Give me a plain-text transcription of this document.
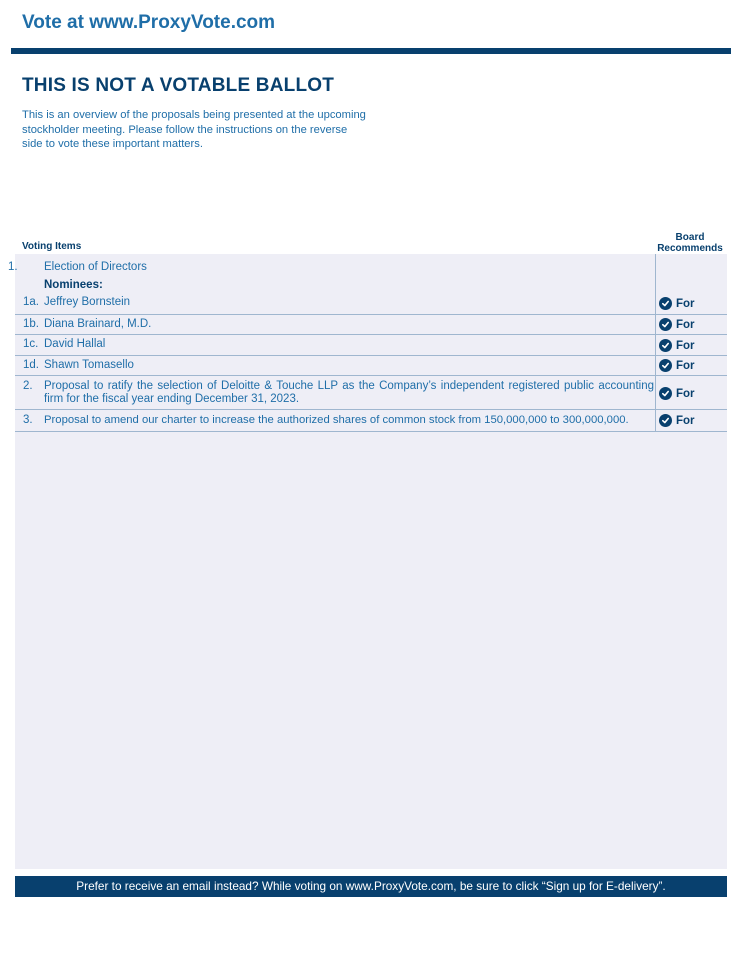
Vote at www.ProxyVote.com
THIS IS NOT A VOTABLE BALLOT
This is an overview of the proposals being presented at the upcoming stockholder meeting. Please follow the instructions on the reverse side to vote these important matters.
Voting Items
Board
Recommends
1. Election of Directors
Nominees:
1a. Jeffrey Bornstein	For
1b. Diana Brainard, M.D.	For
1c. David Hallal	For
1d. Shawn Tomasello	For
2. Proposal to ratify the selection of Deloitte & Touche LLP as the Company’s independent registered public accounting firm for the fiscal year ending December 31, 2023.	For
3. Proposal to amend our charter to increase the authorized shares of common stock from 150,000,000 to 300,000,000.	For
Prefer to receive an email instead? While voting on www.ProxyVote.com, be sure to click “Sign up for E-delivery”.
